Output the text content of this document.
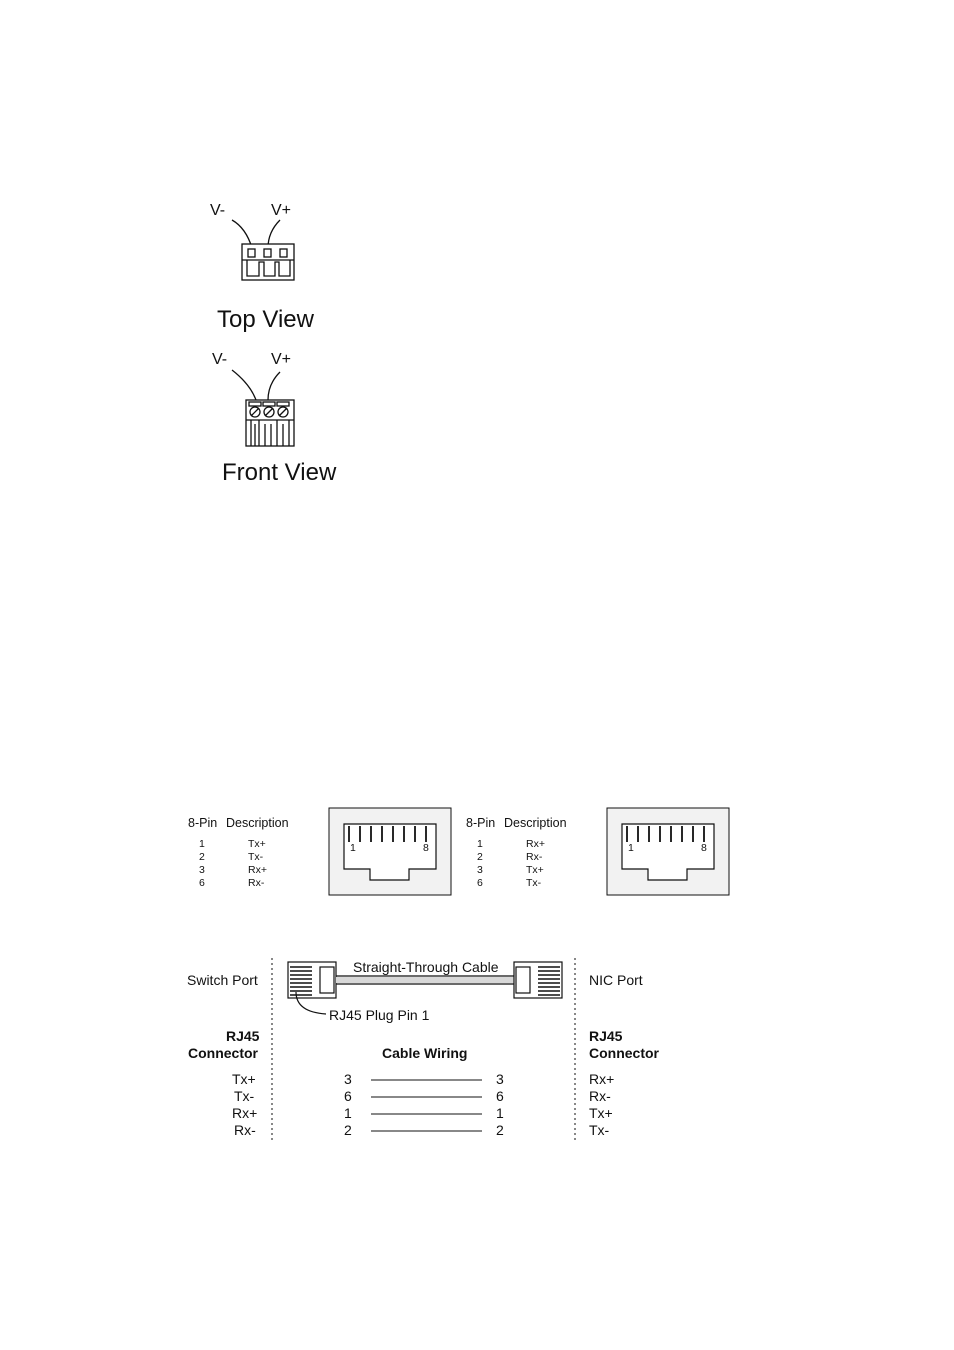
V-	V+
Top View
V-	V+
Front View
8-Pin Description
1	Tx+
2	Tx-
3	Rx+
6	Rx-
1	8
8-Pin Description
1	Rx+
2	Rx-
3	Tx+
6	Tx-
1	8
Switch Port	NIC Port
Straight-Through Cable
RJ45 Plug Pin 1
RJ45
Connector	Cable Wiring
RJ45
Connector
Tx+	3	3	Rx+
Tx-	6	6	Rx-
Rx+	1	1	Tx+
Rx-	2	2	Tx-
